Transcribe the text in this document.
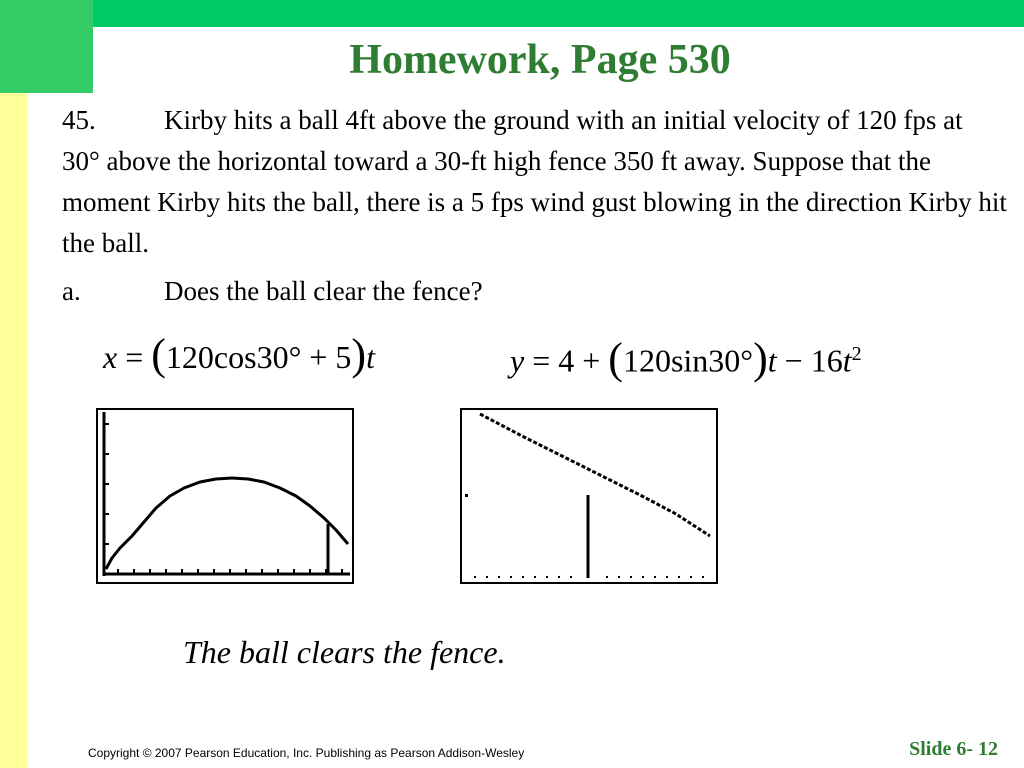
Homework, Page 530
45.	Kirby hits a ball 4ft above the ground with an initial velocity of 120 fps at 30° above the horizontal toward a 30-ft high fence 350 ft away. Suppose that the moment Kirby hits the ball, there is a 5 fps wind gust blowing in the direction Kirby hit the ball.
a.	Does the ball clear the fence?
x = (120cos30° + 5)t	$y = 4 + (120\sin 30^\circ)t - 16t^2$
The ball clears the fence.
Copyright © 2007 Pearson Education, Inc. Publishing as Pearson Addison-Wesley	Slide 6- 12
